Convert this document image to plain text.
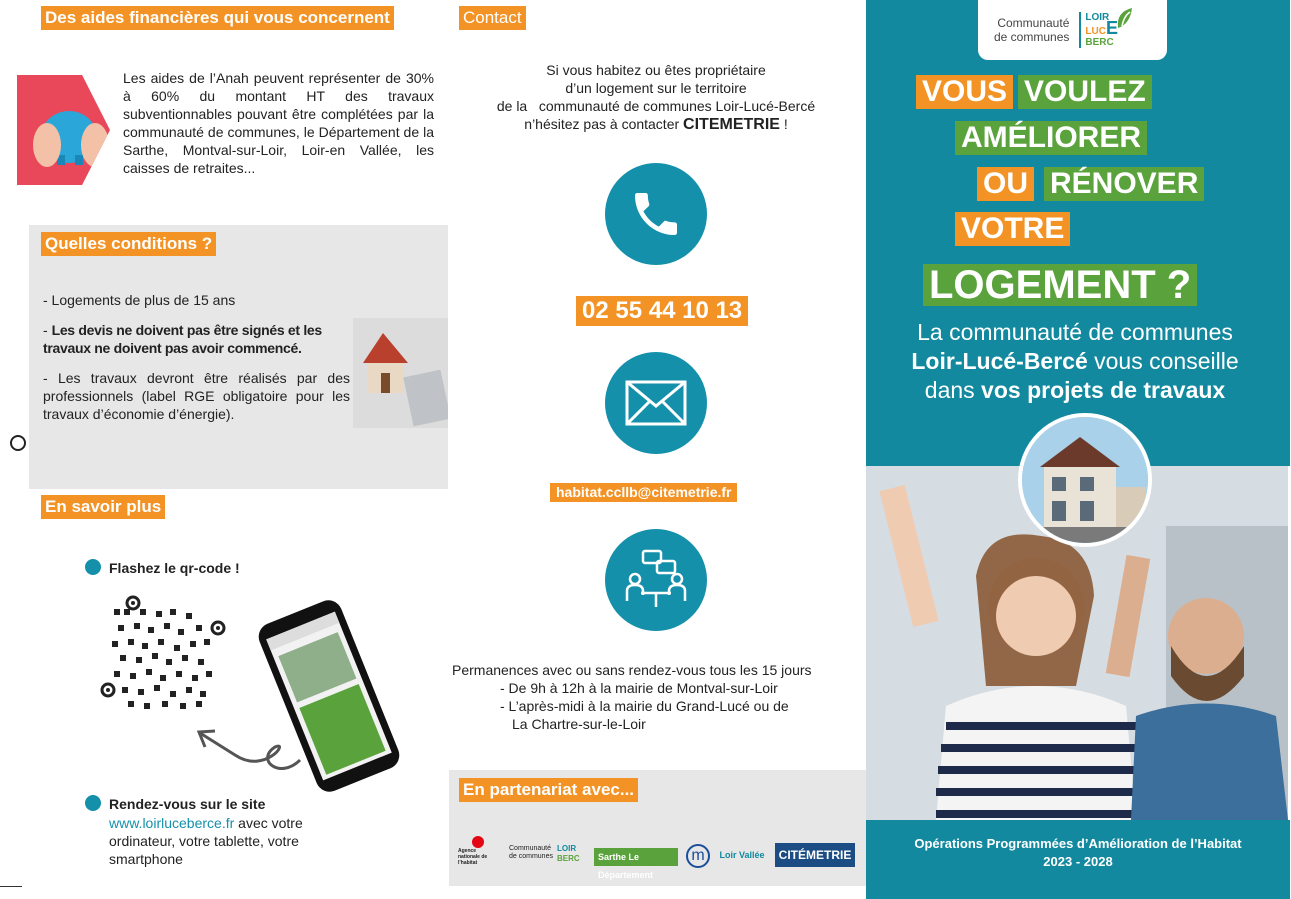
Des aides financières qui vous concernent
Les aides de l’Anah peuvent représenter de 30% à 60% du montant HT des travaux subventionnables pouvant être complétées par la communauté de communes, le Département de la Sarthe, Montval-sur-Loir, Loir-en Vallée, les caisses de retraites...
Quelles conditions ?
- Logements de plus de 15 ans
- Les devis ne doivent pas être signés et les travaux ne doivent pas avoir commencé.
- Les travaux devront être réalisés par des professionnels (label RGE obligatoire pour les travaux d’économie d’énergie).
En savoir plus
Flashez le qr-code !
Rendez-vous sur le site
www.loirluceberce.fr avec votre ordinateur, votre tablette, votre smartphone
Contact
Si vous habitez ou êtes propriétaire
d’un logement sur le territoire
de la   communauté de communes Loir-Lucé-Bercé
n’hésitez pas à contacter CITEMETRIE !
02 55 44 10 13
habitat.ccllb@citemetrie.fr
Permanences avec ou sans rendez-vous tous les 15 jours
- De 9h à 12h à la mairie de Montval-sur-Loir
- L’après-midi à la mairie du Grand-Lucé ou de
La Chartre-sur-le-Loir
En partenariat avec...
Agence nationale de l’habitat
Communauté de communes
LOIR BERC	Sarthe Le Département
m	Loir Vallée	CITÉMETRIE
Communauté
de communes
LOIR
LUCE
BERC
VOUS VOULEZ
AMÉLIORER
OU RÉNOVER
VOTRE
LOGEMENT ?
La communauté de communes
Loir-Lucé-Bercé vous conseille
dans vos projets de travaux
Opérations Programmées d’Amélioration de l’Habitat
2023 - 2028
